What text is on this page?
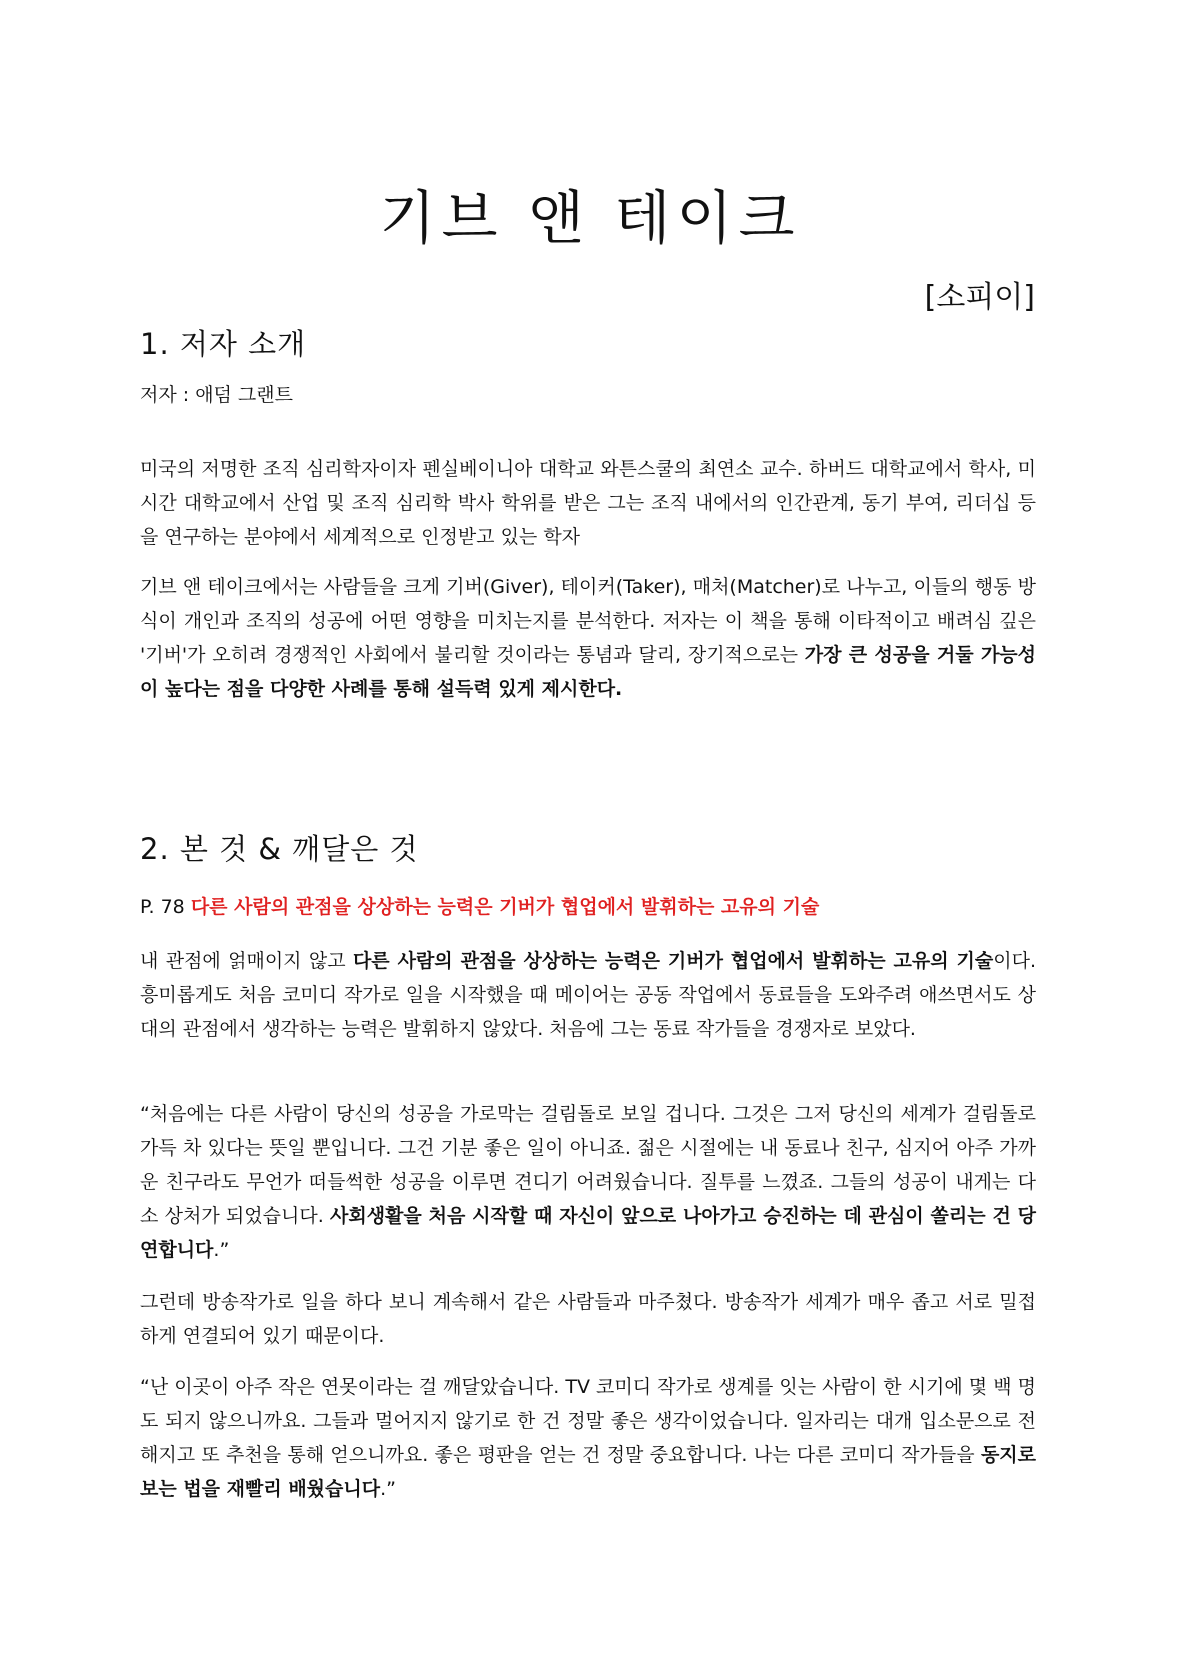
기브 앤 테이크
[소피이]
1. 저자 소개

저자 : 애덤 그랜트

미국의 저명한 조직 심리학자이자 펜실베이니아 대학교 와튼스쿨의 최연소 교수. 하버드 대학교에서 학사, 미시간 대학교에서 산업 및 조직 심리학 박사 학위를 받은 그는 조직 내에서의 인간관계, 동기 부여, 리더십 등을 연구하는 분야에서 세계적으로 인정받고 있는 학자

기브 앤 테이크에서는 사람들을 크게 기버(Giver), 테이커(Taker), 매처(Matcher)로 나누고, 이들의 행동 방식이 개인과 조직의 성공에 어떤 영향을 미치는지를 분석한다. 저자는 이 책을 통해 이타적이고 배려심 깊은 '기버'가 오히려 경쟁적인 사회에서 불리할 것이라는 통념과 달리, 장기적으로는 가장 큰 성공을 거둘 가능성이 높다는 점을 다양한 사례를 통해 설득력 있게 제시한다.

2. 본 것 & 깨달은 것

P. 78 다른 사람의 관점을 상상하는 능력은 기버가 협업에서 발휘하는 고유의 기술

내 관점에 얽매이지 않고 다른 사람의 관점을 상상하는 능력은 기버가 협업에서 발휘하는 고유의 기술이다. 흥미롭게도 처음 코미디 작가로 일을 시작했을 때 메이어는 공동 작업에서 동료들을 도와주려 애쓰면서도 상대의 관점에서 생각하는 능력은 발휘하지 않았다. 처음에 그는 동료 작가들을 경쟁자로 보았다.

“처음에는 다른 사람이 당신의 성공을 가로막는 걸림돌로 보일 겁니다. 그것은 그저 당신의 세계가 걸림돌로 가득 차 있다는 뜻일 뿐입니다. 그건 기분 좋은 일이 아니죠. 젊은 시절에는 내 동료나 친구, 심지어 아주 가까운 친구라도 무언가 떠들썩한 성공을 이루면 견디기 어려웠습니다. 질투를 느꼈죠. 그들의 성공이 내게는 다소 상처가 되었습니다. 사회생활을 처음 시작할 때 자신이 앞으로 나아가고 승진하는 데 관심이 쏠리는 건 당연합니다.”

그런데 방송작가로 일을 하다 보니 계속해서 같은 사람들과 마주쳤다. 방송작가 세계가 매우 좁고 서로 밀접하게 연결되어 있기 때문이다.

“난 이곳이 아주 작은 연못이라는 걸 깨달았습니다. TV 코미디 작가로 생계를 잇는 사람이 한 시기에 몇 백 명도 되지 않으니까요. 그들과 멀어지지 않기로 한 건 정말 좋은 생각이었습니다. 일자리는 대개 입소문으로 전해지고 또 추천을 통해 얻으니까요. 좋은 평판을 얻는 건 정말 중요합니다. 나는 다른 코미디 작가들을 동지로 보는 법을 재빨리 배웠습니다.”
